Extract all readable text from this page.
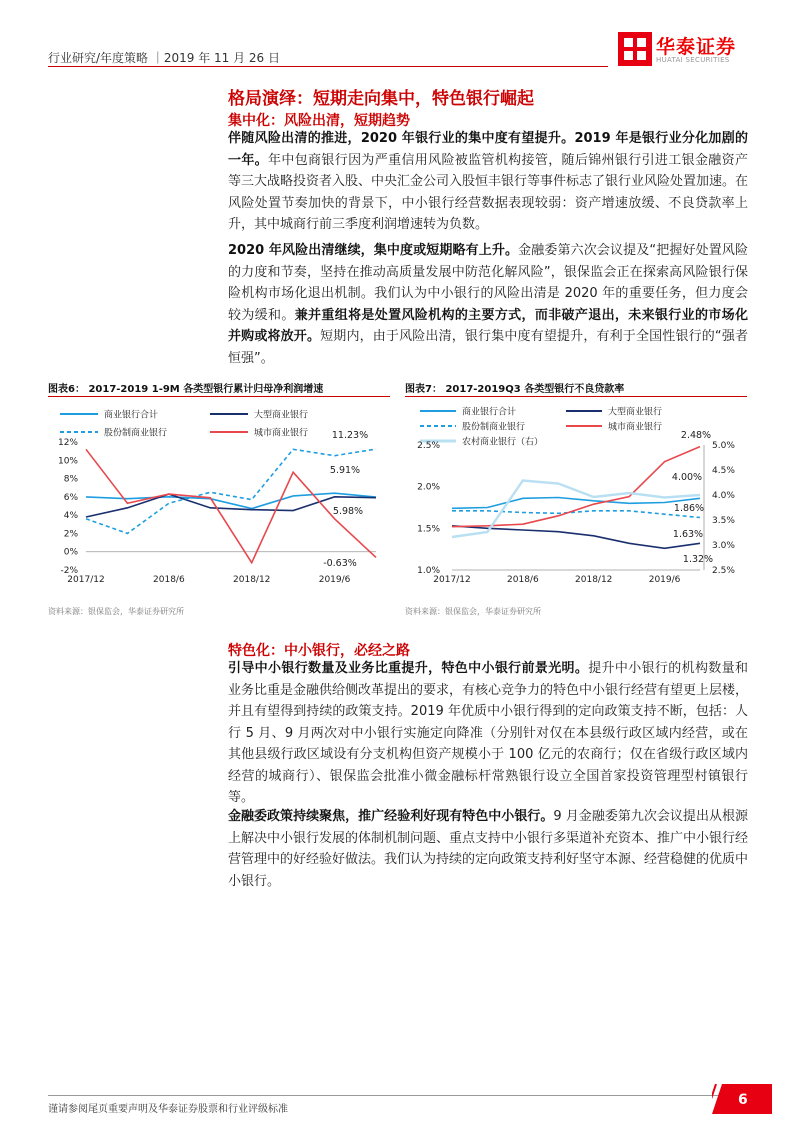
行业研究/年度策略 ｜2019 年 11 月 26 日	华泰证券
HUATAI SECURITIES
格局演绎：短期走向集中，特色银行崛起
集中化：风险出清，短期趋势
伴随风险出清的推进，2020 年银行业的集中度有望提升。2019 年是银行业分化加剧的一年。年中包商银行因为严重信用风险被监管机构接管，随后锦州银行引进工银金融资产等三大战略投资者入股、中央汇金公司入股恒丰银行等事件标志了银行业风险处置加速。在风险处置节奏加快的背景下，中小银行经营数据表现较弱：资产增速放缓、不良贷款率上升，其中城商行前三季度利润增速转为负数。
2020 年风险出清继续，集中度或短期略有上升。金融委第六次会议提及“把握好处置风险的力度和节奏，坚持在推动高质量发展中防范化解风险”，银保监会正在探索高风险银行保险机构市场化退出机制。我们认为中小银行的风险出清是 2020 年的重要任务，但力度会较为缓和。兼并重组将是处置风险机构的主要方式，而非破产退出，未来银行业的市场化并购或将放开。短期内，由于风险出清，银行集中度有望提升，有利于全国性银行的“强者恒强”。
图表6： 2017-2019 1-9M 各类型银行累计归母净利润增速
商业银行合计	大型商业银行
股份制商业银行	城市商业银行
12%
10%
8%
6%
4%
2%
0%
-2%
2017/12	2018/6	2018/12	2019/6
11.23%
5.91%
5.98%
-0.63%
资料来源：银保监会，华泰证券研究所
图表7： 2017-2019Q3 各类型银行不良贷款率
商业银行合计	大型商业银行
股份制商业银行	城市商业银行
农村商业银行（右）
2.5%
2.0%
1.5%
1.0%
5.0%
4.5%
4.0%
3.5%
3.0%
2.5%
2017/12	2018/6	2018/12	2019/6
2.48%
4.00%
1.86%
1.63%
1.32%
资料来源：银保监会，华泰证券研究所
特色化：中小银行，必经之路
引导中小银行数量及业务比重提升，特色中小银行前景光明。提升中小银行的机构数量和业务比重是金融供给侧改革提出的要求，有核心竞争力的特色中小银行经营有望更上层楼，并且有望得到持续的政策支持。2019 年优质中小银行得到的定向政策支持不断，包括：人行 5 月、9 月两次对中小银行实施定向降准（分别针对仅在本县级行政区域内经营，或在其他县级行政区域设有分支机构但资产规模小于 100 亿元的农商行；仅在省级行政区域内经营的城商行）、银保监会批准小微金融标杆常熟银行设立全国首家投资管理型村镇银行等。
金融委政策持续聚焦，推广经验利好现有特色中小银行。9 月金融委第九次会议提出从根源上解决中小银行发展的体制机制问题、重点支持中小银行多渠道补充资本、推广中小银行经营管理中的好经验好做法。我们认为持续的定向政策支持利好坚守本源、经营稳健的优质中小银行。
谨请参阅尾页重要声明及华泰证券股票和行业评级标准
6
